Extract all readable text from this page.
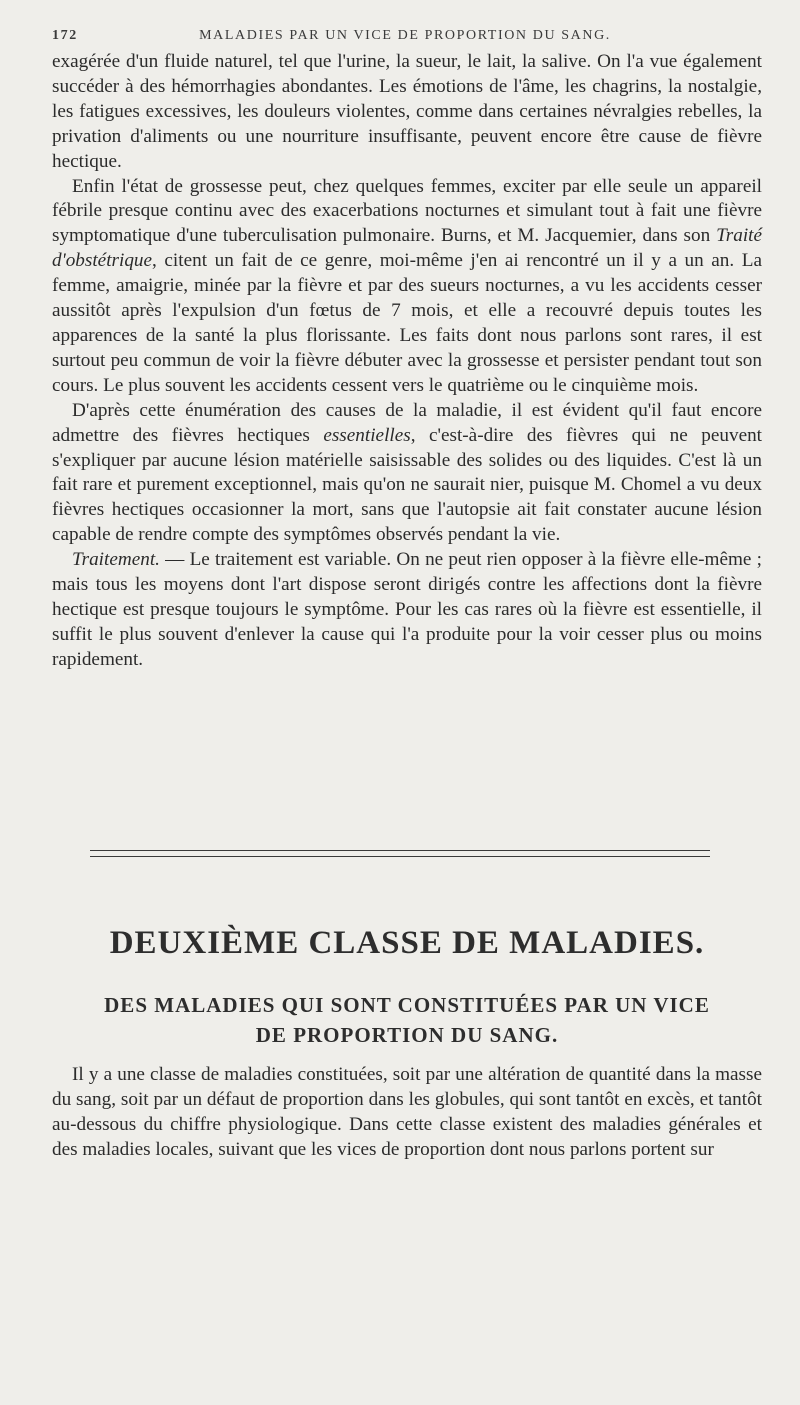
172	MALADIES PAR UN VICE DE PROPORTION DU SANG.

exagérée d'un fluide naturel, tel que l'urine, la sueur, le lait, la salive. On l'a vue également succéder à des hémorrhagies abondantes. Les émotions de l'âme, les chagrins, la nostalgie, les fatigues excessives, les douleurs violentes, comme dans certaines névralgies rebelles, la privation d'aliments ou une nourriture insuffisante, peuvent encore être cause de fièvre hectique.

Enfin l'état de grossesse peut, chez quelques femmes, exciter par elle seule un appareil fébrile presque continu avec des exacerbations nocturnes et simulant tout à fait une fièvre symptomatique d'une tuberculisation pulmonaire. Burns, et M. Jacquemier, dans son Traité d'obstétrique, citent un fait de ce genre, moi-même j'en ai rencontré un il y a un an. La femme, amaigrie, minée par la fièvre et par des sueurs nocturnes, a vu les accidents cesser aussitôt après l'expulsion d'un fœtus de 7 mois, et elle a recouvré depuis toutes les apparences de la santé la plus florissante. Les faits dont nous parlons sont rares, il est surtout peu commun de voir la fièvre débuter avec la grossesse et persister pendant tout son cours. Le plus souvent les accidents cessent vers le quatrième ou le cinquième mois.

D'après cette énumération des causes de la maladie, il est évident qu'il faut encore admettre des fièvres hectiques essentielles, c'est-à-dire des fièvres qui ne peuvent s'expliquer par aucune lésion matérielle saisissable des solides ou des liquides. C'est là un fait rare et purement exceptionnel, mais qu'on ne saurait nier, puisque M. Chomel a vu deux fièvres hectiques occasionner la mort, sans que l'autopsie ait fait constater aucune lésion capable de rendre compte des symptômes observés pendant la vie.

Traitement. — Le traitement est variable. On ne peut rien opposer à la fièvre elle-même ; mais tous les moyens dont l'art dispose seront dirigés contre les affections dont la fièvre hectique est presque toujours le symptôme. Pour les cas rares où la fièvre est essentielle, il suffit le plus souvent d'enlever la cause qui l'a produite pour la voir cesser plus ou moins rapidement.

DEUXIÈME CLASSE DE MALADIES.
DES MALADIES QUI SONT CONSTITUÉES PAR UN VICE
DE PROPORTION DU SANG.

Il y a une classe de maladies constituées, soit par une altération de quantité dans la masse du sang, soit par un défaut de proportion dans les globules, qui sont tantôt en excès, et tantôt au-dessous du chiffre physiologique. Dans cette classe existent des maladies générales et des maladies locales, suivant que les vices de proportion dont nous parlons portent sur
